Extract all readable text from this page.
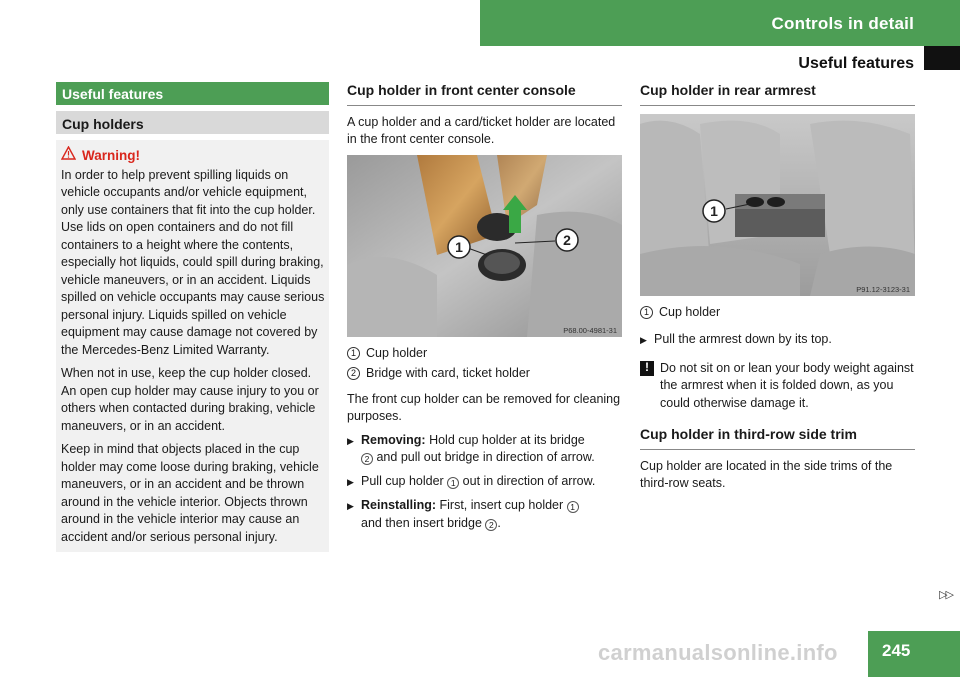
Controls in detail
Useful features
Useful features
Cup holders
Warning!

In order to help prevent spilling liquids on vehicle occupants and/or vehicle equipment, only use containers that fit into the cup holder. Use lids on open containers and do not fill containers to a height where the contents, especially hot liquids, could spill during braking, vehicle maneuvers, or in an accident. Liquids spilled on vehicle occupants may cause serious personal injury. Liquids spilled on vehicle equipment may cause damage not covered by the Mercedes-Benz Limited Warranty.

When not in use, keep the cup holder closed. An open cup holder may cause injury to you or others when contacted during braking, vehicle maneuvers, or in an accident.

Keep in mind that objects placed in the cup holder may come loose during braking, vehicle maneuvers, or in an accident and be thrown around in the vehicle interior. Objects thrown around in the vehicle interior may cause an accident and/or serious personal injury.

Cup holder in front center console

A cup holder and a card/ticket holder are located in the front center console.

1	2
P68.00-4981-31
1 Cup holder
2 Bridge with card, ticket holder

The front cup holder can be removed for cleaning purposes.

▶ Removing: Hold cup holder at its bridge
2 and pull out bridge in direction of arrow.
▶ Pull cup holder 1 out in direction of arrow.
▶ Reinstalling: First, insert cup holder 1
and then insert bridge 2 .
Cup holder in rear armrest
1
P91.12-3123-31
1 Cup holder
▶ Pull the armrest down by its top.
! Do not sit on or lean your body weight against the armrest when it is folded down, as you could otherwise damage it.
Cup holder in third-row side trim

Cup holder are located in the side trims of the third-row seats.

▷▷
carmanualsonline.info	245
